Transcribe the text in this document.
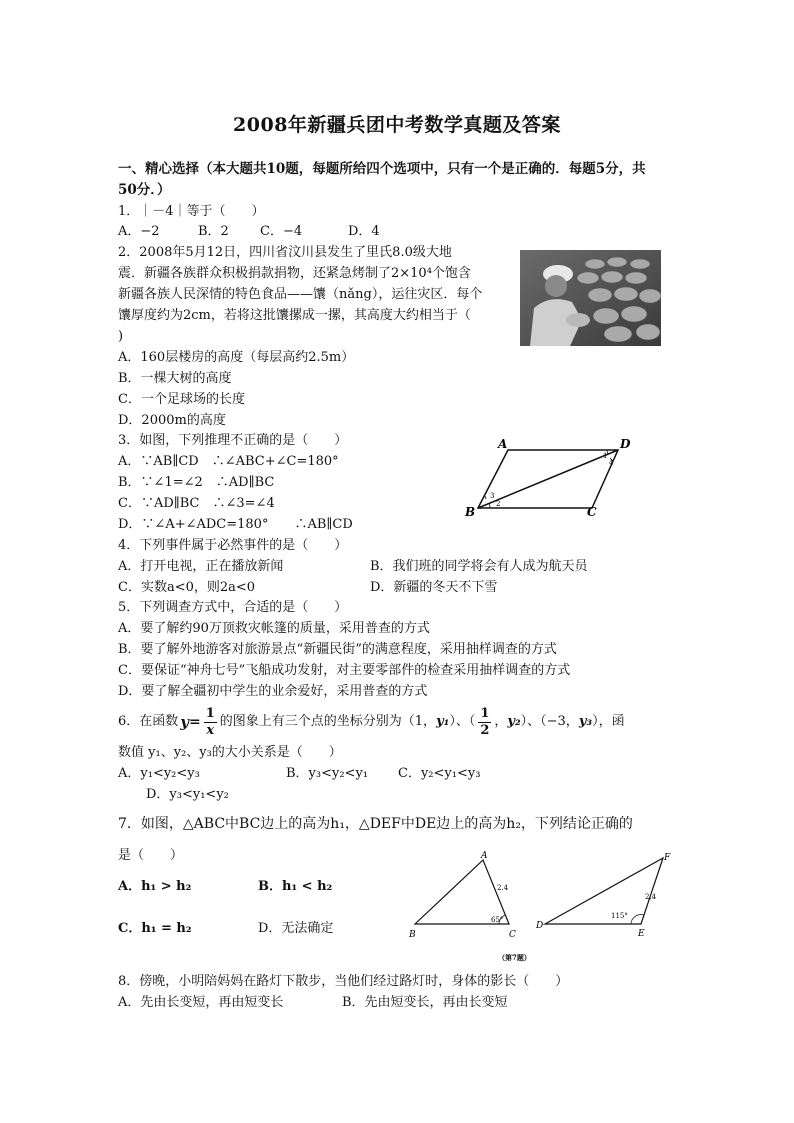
2008年新疆兵团中考数学真题及答案

一、精心选择（本大题共10题，每题所给四个选项中，只有一个是正确的．每题5分，共

50分．）

1．｜－4｜等于（　　）

A．−2	B．2 C．−4	D．4

2．2008年5月12日，四川省汶川县发生了里氏8.0级大地

震．新疆各族群众积极捐款捐物，还紧急烤制了2×10⁴个饱含

新疆各族人民深情的特色食品——馕（nǎng），运往灾区．每个

馕厚度约为2cm，若将这批馕摞成一摞，其高度大约相当于（

)

A．160层楼房的高度（每层高约2.5m）

B．一棵大树的高度

C．一个足球场的长度

D．2000m的高度

3．如图，下列推理不正确的是（　　）

A．∵AB∥CD　∴∠ABC+∠C=180°

B．∵∠1=∠2　∴AD∥BC

C．∵AD∥BC　∴∠3=∠4

D．∵∠A+∠ADC=180°　　∴AB∥CD

A	D
B	C
1
4
3
2

4．下列事件属于必然事件的是（　　）

A．打开电视，正在播放新闻	B．我们班的同学将会有人成为航天员

C．实数a<0，则2a<0	D．新疆的冬天不下雪

5．下列调查方式中，合适的是（　　）

A．要了解约90万顶救灾帐篷的质量，采用普查的方式

B．要了解外地游客对旅游景点“新疆民街”的满意程度，采用抽样调查的方式

C．要保证“神舟七号”飞船成功发射，对主要零部件的检查采用抽样调查的方式

D．要了解全疆初中学生的业余爱好，采用普查的方式

6．在函数 $y = \frac{1}{x}$ 的图象上有三个点的坐标分别为（1， y₁ ）、（ $\frac{1}{2}$ ， y₂ ）、（−3， y₃ ），函

数值 y₁、y₂、y₃的大小关系是（　　）

A．y₁<y₂<y₃	B．y₃<y₂<y₁ C．y₂<y₁<y₃

D．y₃<y₁<y₂

7．如图，△ABC中BC边上的高为h₁，△DEF中DE边上的高为h₂，下列结论正确的

是（　　）

A．h₁ > h₂	B．h₁ < h₂

C．h₁ = h₂	D．无法确定

A
B	C
D
E
F
2.4
2.4
65°	115°
（第7题）

8．傍晚，小明陪妈妈在路灯下散步，当他们经过路灯时，身体的影长（　　）

A．先由长变短，再由短变长	B．先由短变长，再由长变短
